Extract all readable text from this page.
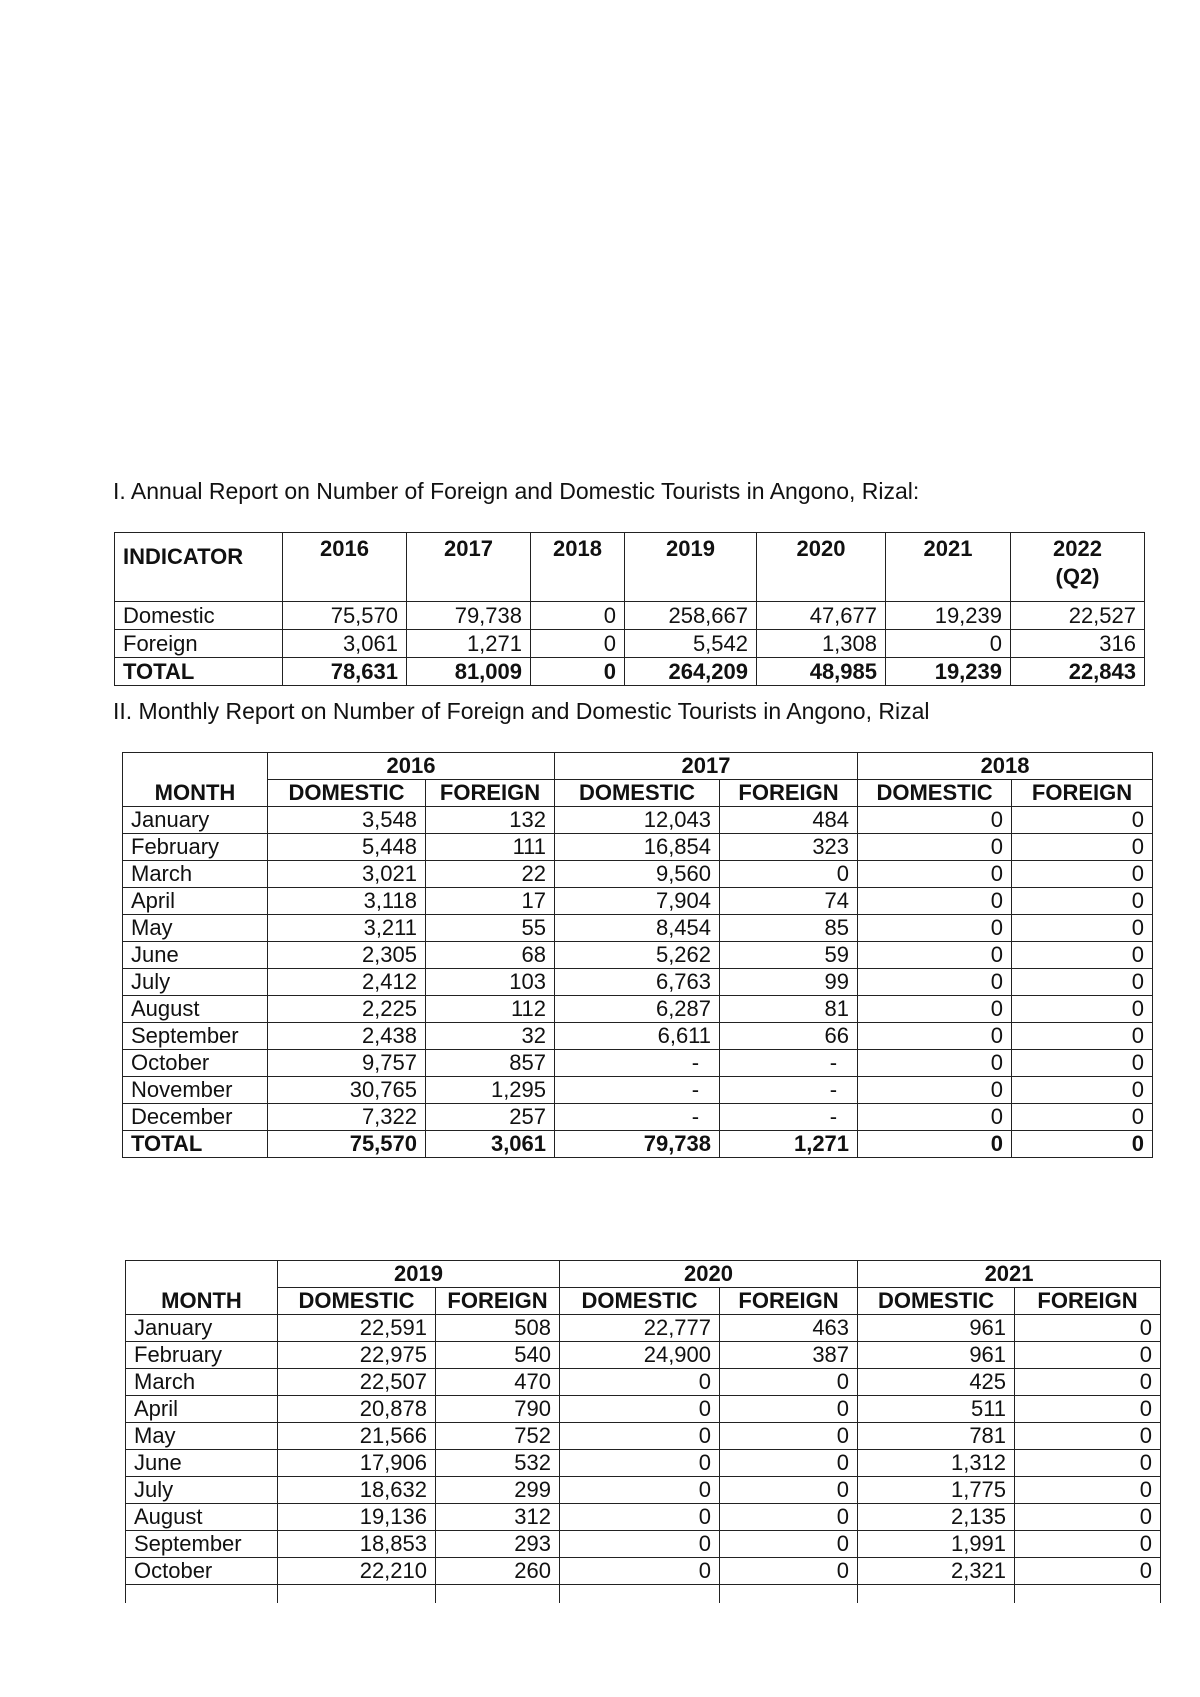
I. Annual Report on Number of Foreign and Domestic Tourists in Angono, Rizal:
INDICATOR	2016	2017	2018	2019	2020	2021	2022
(Q2)
Domestic	75,570	79,738	0	258,667	47,677	19,239	22,527
Foreign	3,061	1,271	0	5,542	1,308	0	316
TOTAL	78,631	81,009	0	264,209	48,985	19,239	22,843
II. Monthly Report on Number of Foreign and Domestic Tourists in Angono, Rizal
MONTH	2016		2017		2018	
	DOMESTIC	FOREIGN	DOMESTIC	FOREIGN	DOMESTIC	FOREIGN
January	3,548	132	12,043	484	0	0
February	5,448	111	16,854	323	0	0
March	3,021	22	9,560	0	0	0
April	3,118	17	7,904	74	0	0
May	3,211	55	8,454	85	0	0
June	2,305	68	5,262	59	0	0
July	2,412	103	6,763	99	0	0
August	2,225	112	6,287	81	0	0
September	2,438	32	6,611	66	0	0
October	9,757	857	-	-	0	0
November	30,765	1,295	-	-	0	0
December	7,322	257	-	-	0	0
TOTAL	75,570	3,061	79,738	1,271	0	0
MONTH	2019		2020		2021	
	DOMESTIC	FOREIGN	DOMESTIC	FOREIGN	DOMESTIC	FOREIGN
January	22,591	508	22,777	463	961	0
February	22,975	540	24,900	387	961	0
March	22,507	470	0	0	425	0
April	20,878	790	0	0	511	0
May	21,566	752	0	0	781	0
June	17,906	532	0	0	1,312	0
July	18,632	299	0	0	1,775	0
August	19,136	312	0	0	2,135	0
September	18,853	293	0	0	1,991	0
October	22,210	260	0	0	2,321	0
